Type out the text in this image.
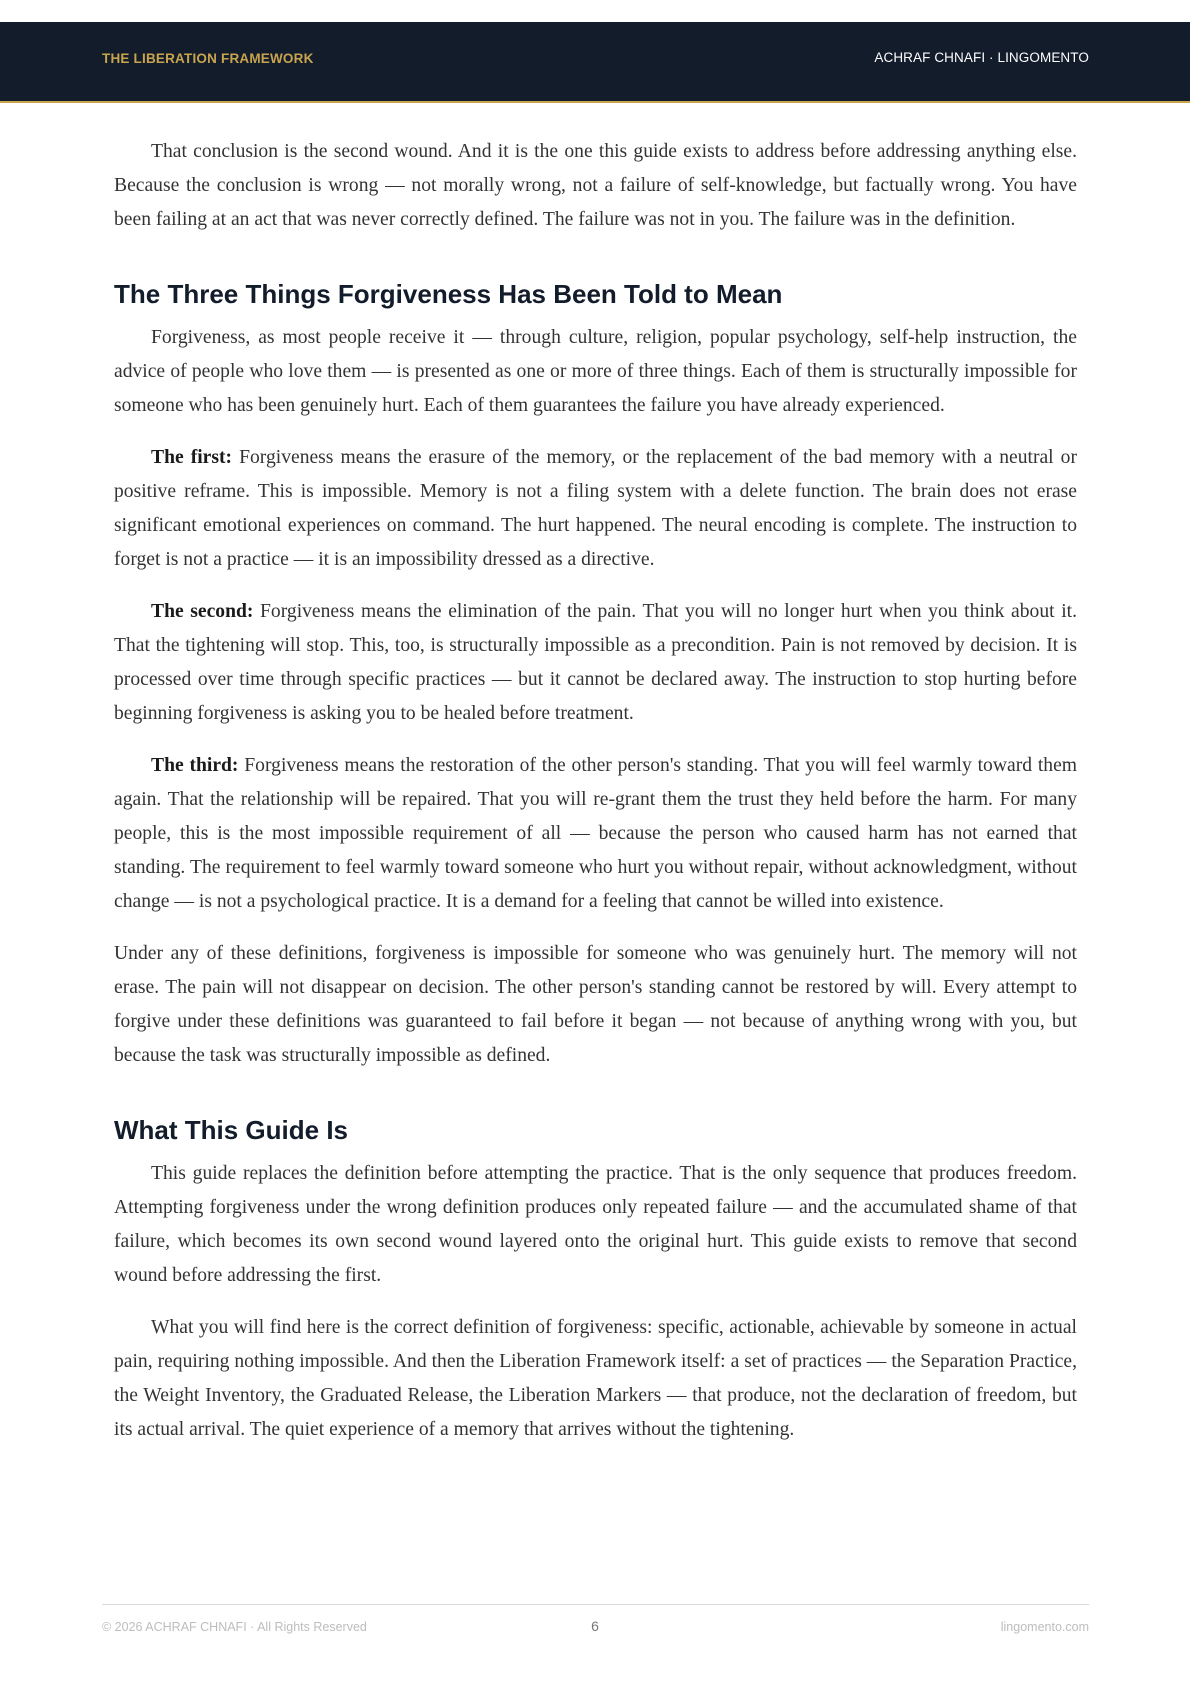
THE LIBERATION FRAMEWORK	ACHRAF CHNAFI · LINGOMENTO

That conclusion is the second wound. And it is the one this guide exists to address before addressing anything else. Because the conclusion is wrong — not morally wrong, not a failure of self-knowledge, but factually wrong. You have been failing at an act that was never correctly defined. The failure was not in you. The failure was in the definition.

The Three Things Forgiveness Has Been Told to Mean

Forgiveness, as most people receive it — through culture, religion, popular psychology, self-help instruction, the advice of people who love them — is presented as one or more of three things. Each of them is structurally impossible for someone who has been genuinely hurt. Each of them guarantees the failure you have already experienced.

The first: Forgiveness means the erasure of the memory, or the replacement of the bad memory with a neutral or positive reframe. This is impossible. Memory is not a filing system with a delete function. The brain does not erase significant emotional experiences on command. The hurt happened. The neural encoding is complete. The instruction to forget is not a practice — it is an impossibility dressed as a directive.

The second: Forgiveness means the elimination of the pain. That you will no longer hurt when you think about it. That the tightening will stop. This, too, is structurally impossible as a precondition. Pain is not removed by decision. It is processed over time through specific practices — but it cannot be declared away. The instruction to stop hurting before beginning forgiveness is asking you to be healed before treatment.

The third: Forgiveness means the restoration of the other person's standing. That you will feel warmly toward them again. That the relationship will be repaired. That you will re-grant them the trust they held before the harm. For many people, this is the most impossible requirement of all — because the person who caused harm has not earned that standing. The requirement to feel warmly toward someone who hurt you without repair, without acknowledgment, without change — is not a psychological practice. It is a demand for a feeling that cannot be willed into existence.

Under any of these definitions, forgiveness is impossible for someone who was genuinely hurt. The memory will not erase. The pain will not disappear on decision. The other person's standing cannot be restored by will. Every attempt to forgive under these definitions was guaranteed to fail before it began — not because of anything wrong with you, but because the task was structurally impossible as defined.

What This Guide Is

This guide replaces the definition before attempting the practice. That is the only sequence that produces freedom. Attempting forgiveness under the wrong definition produces only repeated failure — and the accumulated shame of that failure, which becomes its own second wound layered onto the original hurt. This guide exists to remove that second wound before addressing the first.

What you will find here is the correct definition of forgiveness: specific, actionable, achievable by someone in actual pain, requiring nothing impossible. And then the Liberation Framework itself: a set of practices — the Separation Practice, the Weight Inventory, the Graduated Release, the Liberation Markers — that produce, not the declaration of freedom, but its actual arrival. The quiet experience of a memory that arrives without the tightening.

© 2026 ACHRAF CHNAFI · All Rights Reserved	6	lingomento.com
